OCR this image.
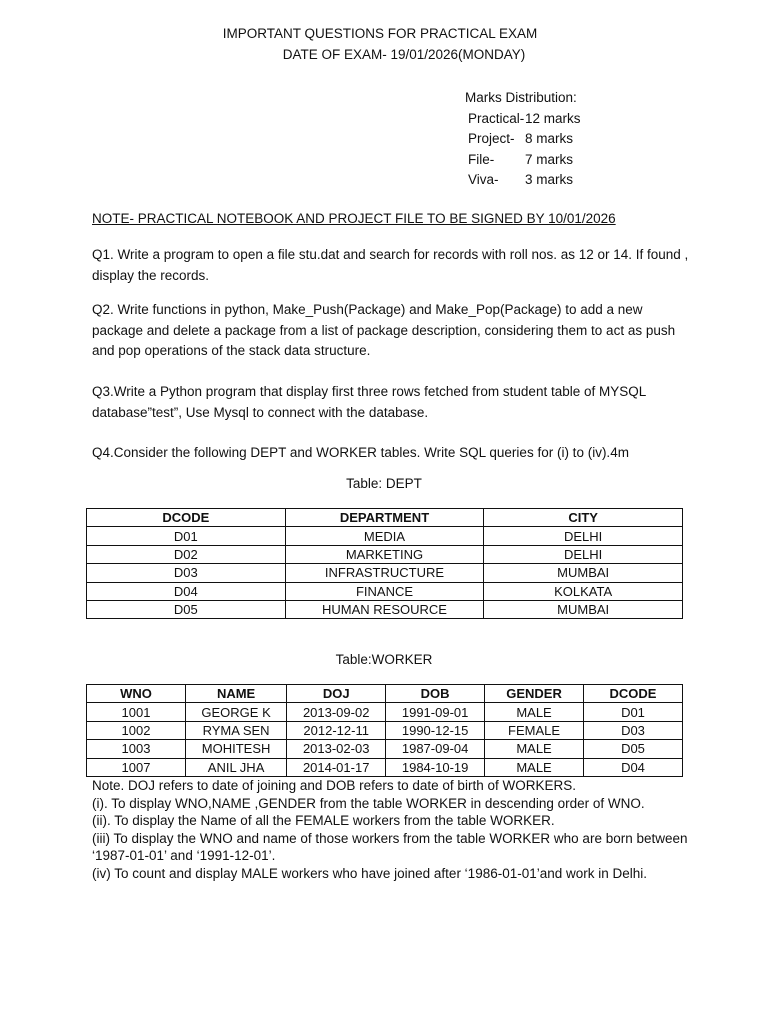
IMPORTANT QUESTIONS FOR PRACTICAL EXAM
DATE OF EXAM- 19/01/2026(MONDAY)
Marks Distribution:
Practical-12 marks
Project- 8 marks
File- 7 marks
Viva- 3 marks
NOTE- PRACTICAL NOTEBOOK AND PROJECT FILE TO BE SIGNED BY 10/01/2026
Q1. Write a program to open a file stu.dat and search for records with roll nos. as 12 or 14. If found , display the records.
Q2. Write functions in python, Make_Push(Package) and Make_Pop(Package) to add a new package and delete a package from a list of package description, considering them to act as push and pop operations of the stack data structure.
Q3.Write a Python program that display first three rows fetched from student table of MYSQL database”test”, Use Mysql to connect with the database.
Q4.Consider the following DEPT and WORKER tables. Write SQL queries for (i) to (iv).4m
Table: DEPT
DCODE	DEPARTMENT	CITY
D01	MEDIA	DELHI
D02	MARKETING	DELHI
D03	INFRASTRUCTURE	MUMBAI
D04	FINANCE	KOLKATA
D05	HUMAN RESOURCE	MUMBAI
Table:WORKER
WNO	NAME	DOJ	DOB	GENDER	DCODE
1001	GEORGE K	2013-09-02	1991-09-01	MALE	D01
1002	RYMA SEN	2012-12-11	1990-12-15	FEMALE	D03
1003	MOHITESH	2013-02-03	1987-09-04	MALE	D05
1007	ANIL JHA	2014-01-17	1984-10-19	MALE	D04
Note. DOJ refers to date of joining and DOB refers to date of birth of WORKERS.
(i). To display WNO,NAME ,GENDER from the table WORKER in descending order of WNO.
(ii). To display the Name of all the FEMALE workers from the table WORKER.
(iii) To display the WNO and name of those workers from the table WORKER who are born between ‘1987-01-01’ and ‘1991-12-01’.
(iv) To count and display MALE workers who have joined after ‘1986-01-01’and work in Delhi.
